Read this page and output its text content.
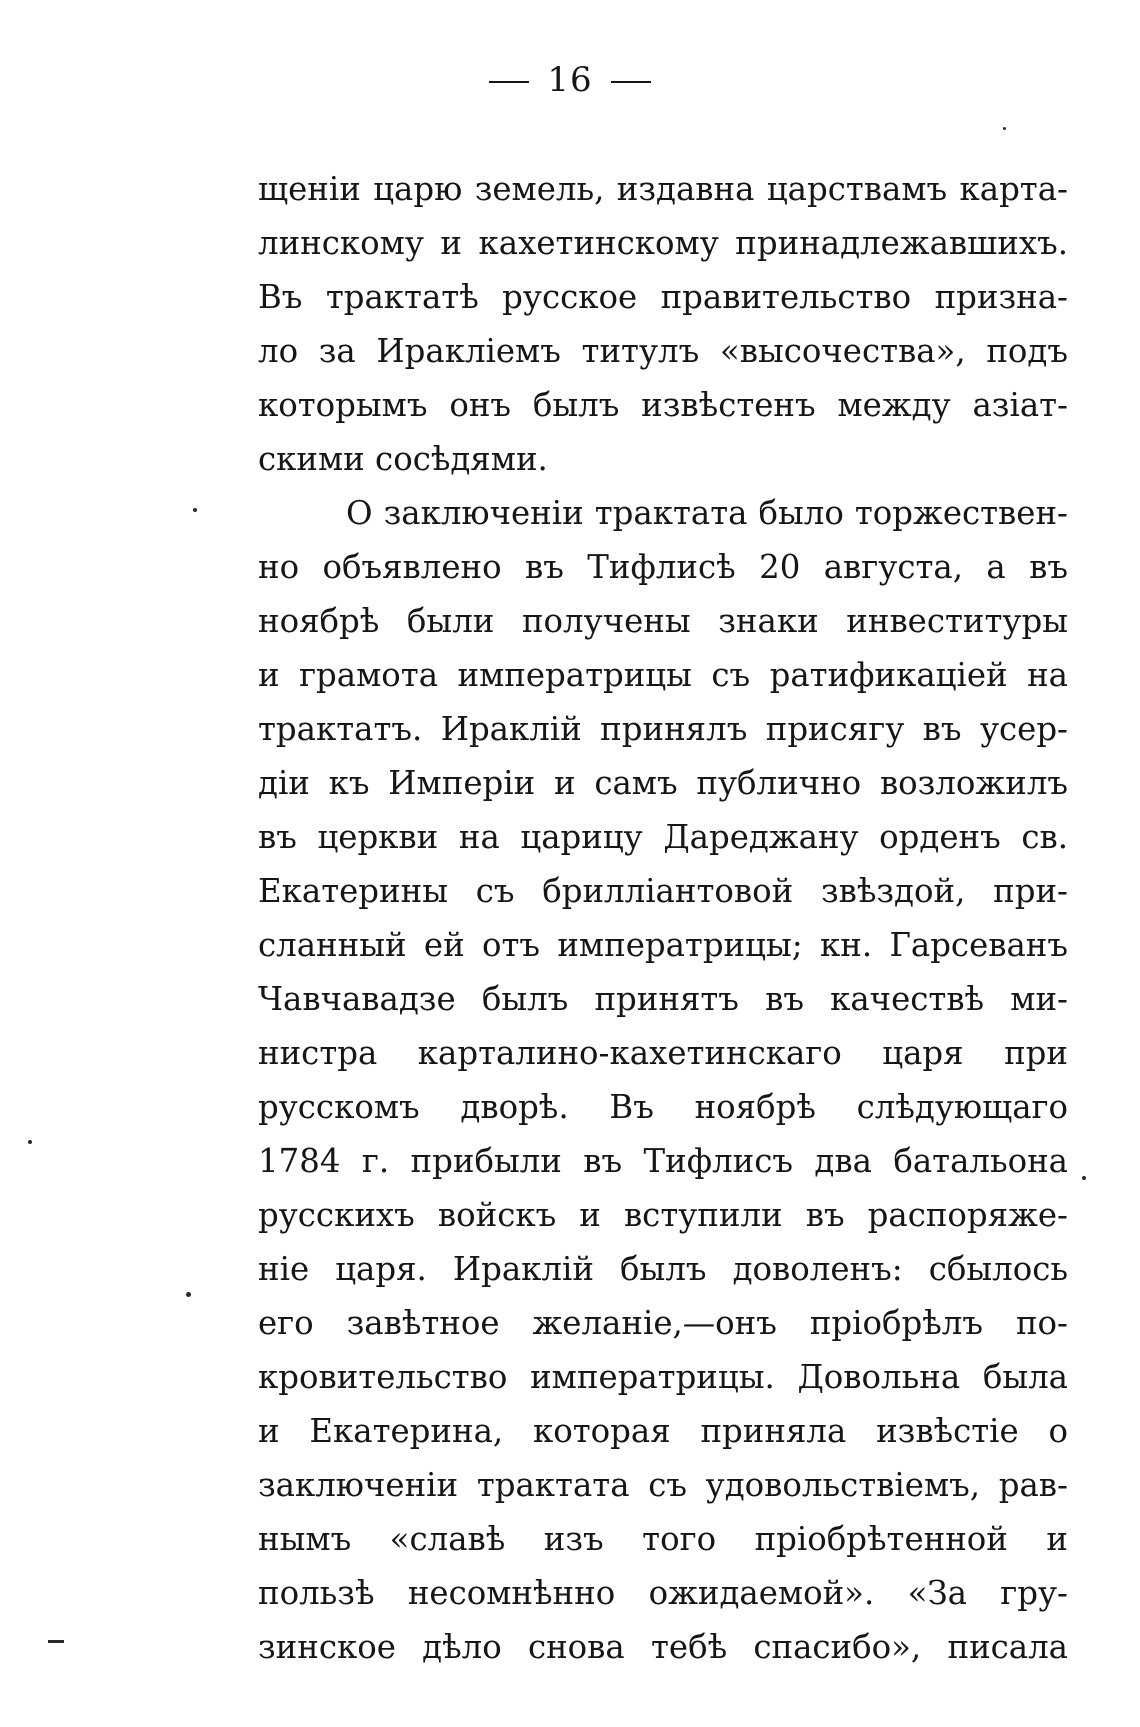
16
щеніи царю земель, издавна царствамъ карта-
линскому и кахетинскому принадлежавшихъ.
Въ трактатѣ русское правительство призна-
ло за Иракліемъ титулъ «высочества», подъ
которымъ онъ былъ извѣстенъ между азіат-
скими сосѣдями.
О заключеніи трактата было торжествен-
но объявлено въ Тифлисѣ 20 августа, а въ
ноябрѣ были получены знаки инвеституры
и грамота императрицы съ ратификаціей на
трактатъ. Ираклій принялъ присягу въ усер-
діи къ Имперіи и самъ публично возложилъ
въ церкви на царицу Дареджану орденъ св.
Екатерины съ бриллiантовой звѣздой, при-
сланный ей отъ императрицы; кн. Гарсеванъ
Чавчавадзе былъ принятъ въ качествѣ ми-
нистра карталино-кахетинскаго царя при
русскомъ дворѣ. Въ ноябрѣ слѣдующаго
1784 г. прибыли въ Тифлисъ два батальона
русскихъ войскъ и вступили въ распоряже-
ніе царя. Ираклій былъ доволенъ: сбылось
его завѣтное желаніе,—онъ пріобрѣлъ по-
кровительство императрицы. Довольна была
и Екатерина, которая приняла извѣстіе о
заключеніи трактата съ удовольствіемъ, рав-
нымъ «славѣ изъ того пріобрѣтенной и
пользѣ несомнѣнно ожидаемой». «За гру-
зинское дѣло снова тебѣ спасибо», писала
